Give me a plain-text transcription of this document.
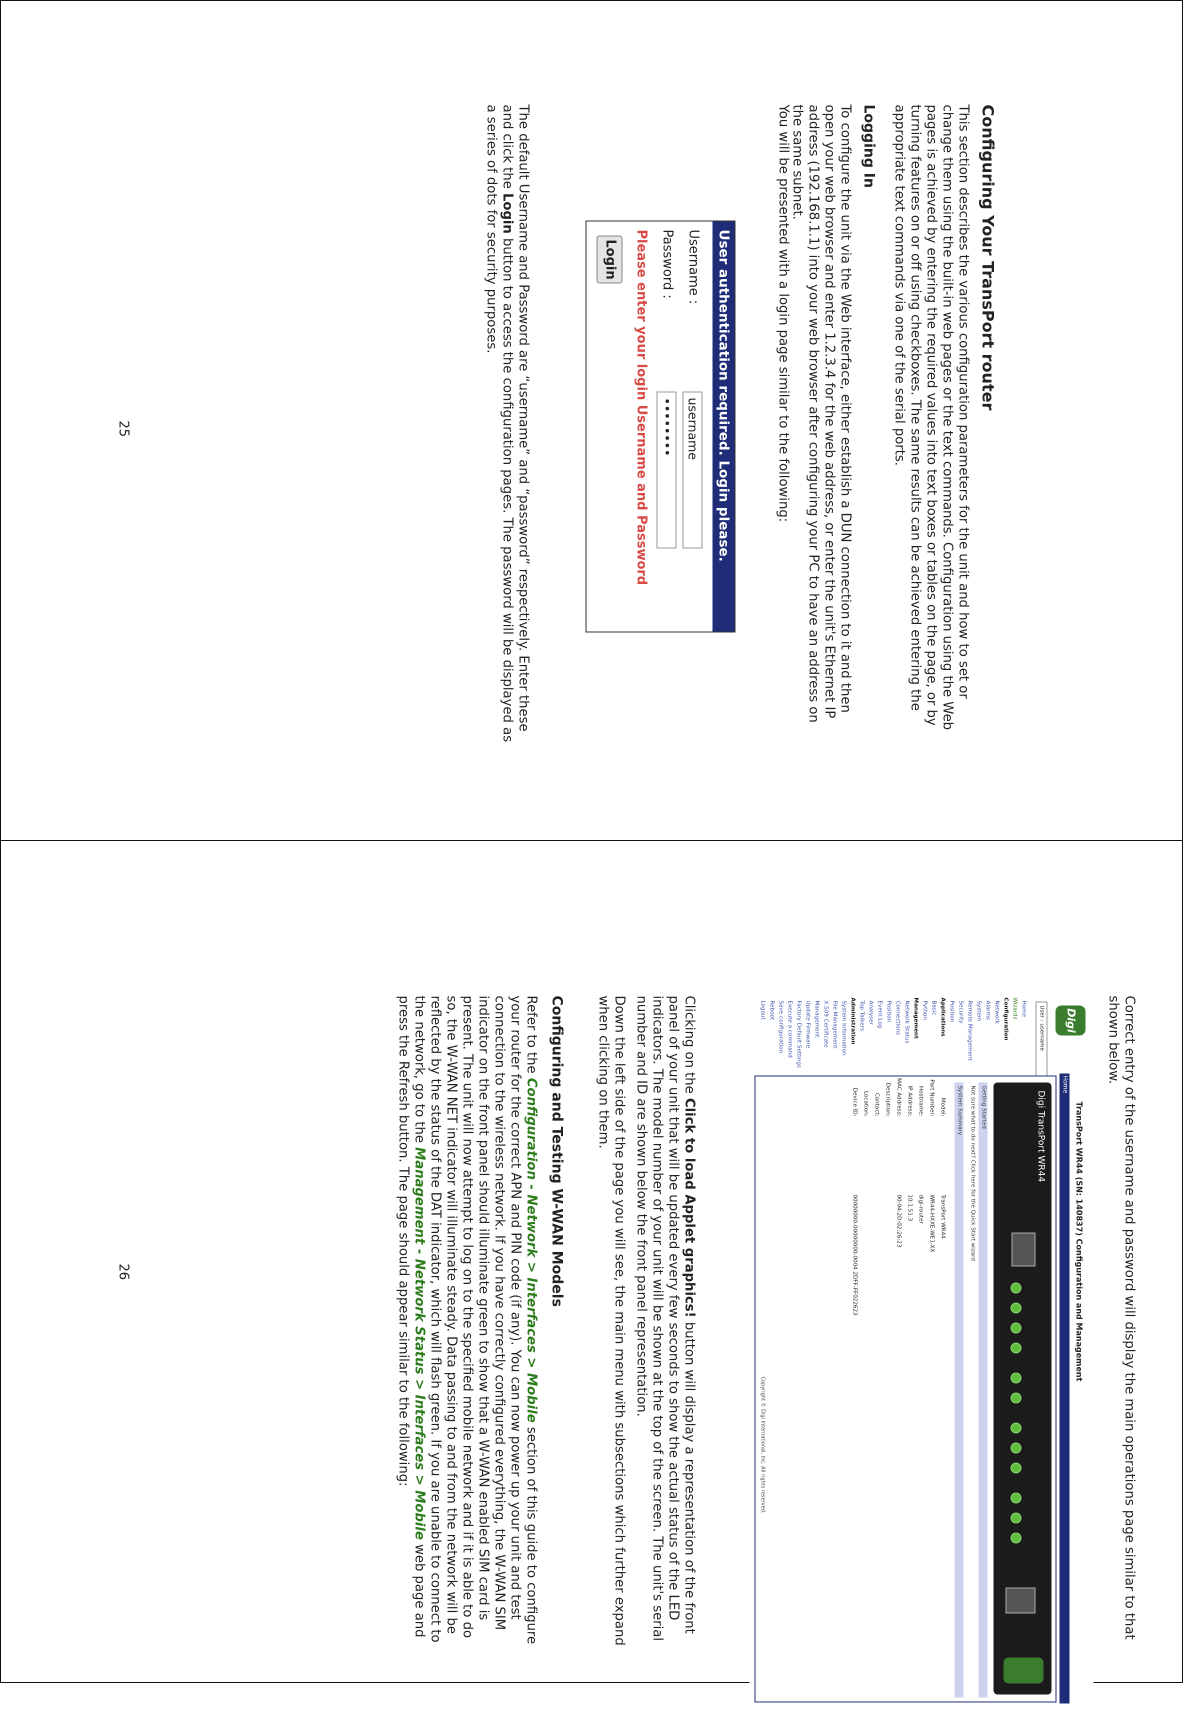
Configuring Your TransPort router

This section describes the various configuration parameters for the unit and how to set or change them using the built-in web pages or the text commands. Configuration using the Web pages is achieved by entering the required values into text boxes or tables on the page, or by turning features on or off using checkboxes. The same results can be achieved entering the appropriate text commands via one of the serial ports.

Logging In

To configure the unit via the Web interface, either establish a DUN connection to it and then open your web browser and enter 1.2.3.4 for the web address, or enter the unit's Ethernet IP address (192.168.1.1) into your web browser after configuring your PC to have an address on the same subnet.

You will be presented with a login page similar to the following:

User authentication required. Login please.
Username :
username
Password :
••••••••
Please enter your login Username and Password
Login

The default Username and Password are “username” and “password” respectively. Enter these and click the Login button to access the configuration pages. The password will be displayed as a series of dots for security purposes.

25

Correct entry of the username and password will display the main operations page similar to that shown below.

Digi
TransPort WR44 (SN: 140837) Configuration and Management
Home
User : username
Home
Wizards
Configuration
Network
Alarms
System
Remote Management
Security
Position
Applications
Basic
Python
Management
Network Status
Connections
Position
Event Log
Analyser
Top Talkers
Administration
System Information
File Management
X.509 Certificate Management
Update Firmware
Factory Default Settings
Execute a command
Save configuration
Reboot
Logout
Digi TransPort WR44
Getting Started
Not sure what to do next? Click here for the Quick Start wizard
System Summary
Model:
TransPort WR44
Part Number:
WR44-HXXE-WE1-XX
Hostname:
digi-router
IP Address:
10.1.51.3
MAC Address:
00:04:2D:02:26:23
Description:
Contact:
Location:
Device ID:
00000000-00000000-0004 2DFF-FF022623
Copyright © Digi International, Inc. All rights reserved.

Clicking on the Click to load Applet graphics! button will display a representation of the front panel of your unit that will be updated every few seconds to show the actual status of the LED indicators. The model number of your unit will be shown at the top of the screen. The unit's serial number and ID are shown below the front panel representation.

Down the left side of the page you will see, the main menu with subsections which further expand when clicking on them.

Configuring and Testing W-WAN Models

Refer to the Configuration - Network > Interfaces > Mobile section of this guide to configure your router for the correct APN and PIN code (if any). You can now power up your unit and test connection to the wireless network. If you have correctly configured everything, the W-WAN SIM indicator on the front panel should illuminate green to show that a W-WAN enabled SIM card is present. The unit will now attempt to log on to the specified mobile network and if it is able to do so, the W-WAN NET indicator will illuminate steady. Data passing to and from the network will be reflected by the status of the DAT indicator, which will flash green. If you are unable to connect to the network, go to the Management - Network Status > Interfaces > Mobile web page and press the Refresh button. The page should appear similar to the following:

26
